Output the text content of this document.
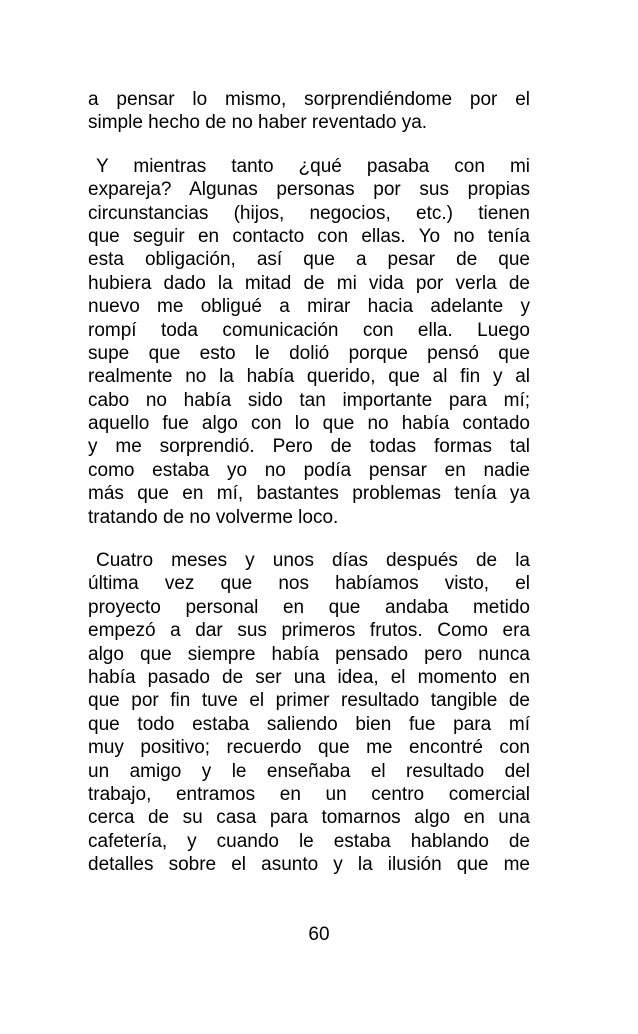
a pensar lo mismo, sorprendiéndome por el
simple hecho de no haber reventado ya.
Y mientras tanto ¿qué pasaba con mi
expareja? Algunas personas por sus propias
circunstancias (hijos, negocios, etc.) tienen
que seguir en contacto con ellas. Yo no tenía
esta obligación, así que a pesar de que
hubiera dado la mitad de mi vida por verla de
nuevo me obligué a mirar hacia adelante y
rompí toda comunicación con ella. Luego
supe que esto le dolió porque pensó que
realmente no la había querido, que al fin y al
cabo no había sido tan importante para mí;
aquello fue algo con lo que no había contado
y me sorprendió. Pero de todas formas tal
como estaba yo no podía pensar en nadie
más que en mí, bastantes problemas tenía ya
tratando de no volverme loco.
Cuatro meses y unos días después de la
última vez que nos habíamos visto, el
proyecto personal en que andaba metido
empezó a dar sus primeros frutos. Como era
algo que siempre había pensado pero nunca
había pasado de ser una idea, el momento en
que por fin tuve el primer resultado tangible de
que todo estaba saliendo bien fue para mí
muy positivo; recuerdo que me encontré con
un amigo y le enseñaba el resultado del
trabajo, entramos en un centro comercial
cerca de su casa para tomarnos algo en una
cafetería, y cuando le estaba hablando de
detalles sobre el asunto y la ilusión que me
60
